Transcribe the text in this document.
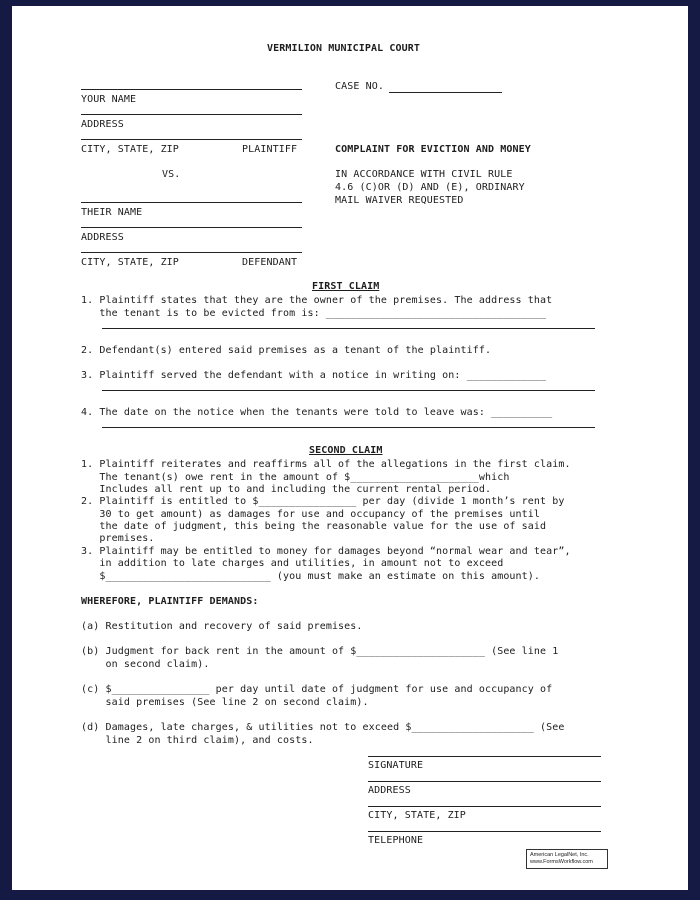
VERMILION MUNICIPAL COURT
YOUR NAME
ADDRESS
CITY, STATE, ZIP	PLAINTIFF
VS.
THEIR NAME
ADDRESS
CITY, STATE, ZIP	DEFENDANT
CASE NO.
COMPLAINT FOR EVICTION AND MONEY
IN ACCORDANCE WITH CIVIL RULE
4.6 (C)OR (D) AND (E), ORDINARY
MAIL WAIVER REQUESTED
FIRST CLAIM
1. Plaintiff states that they are the owner of the premises. The address that
the tenant is to be evicted from is: ____________________________________
2. Defendant(s) entered said premises as a tenant of the plaintiff.
3. Plaintiff served the defendant with a notice in writing on: _____________
4. The date on the notice when the tenants were told to leave was: __________
SECOND CLAIM
1. Plaintiff reiterates and reaffirms all of the allegations in the first claim.
The tenant(s) owe rent in the amount of $_____________________which
Includes all rent up to and including the current rental period.
2. Plaintiff is entitled to $________________ per day (divide 1 month’s rent by
30 to get amount) as damages for use and occupancy of the premises until
the date of judgment, this being the reasonable value for the use of said
premises.
3. Plaintiff may be entitled to money for damages beyond “normal wear and tear”,
in addition to late charges and utilities, in amount not to exceed
$___________________________ (you must make an estimate on this amount).
WHEREFORE, PLAINTIFF DEMANDS:
(a) Restitution and recovery of said premises.
(b) Judgment for back rent in the amount of $_____________________ (See line 1
on second claim).
(c) $________________ per day until date of judgment for use and occupancy of
said premises (See line 2 on second claim).
(d) Damages, late charges, & utilities not to exceed $____________________ (See
line 2 on third claim), and costs.
SIGNATURE
ADDRESS
CITY, STATE, ZIP
TELEPHONE
American LegalNet, Inc.
www.FormsWorkflow.com
